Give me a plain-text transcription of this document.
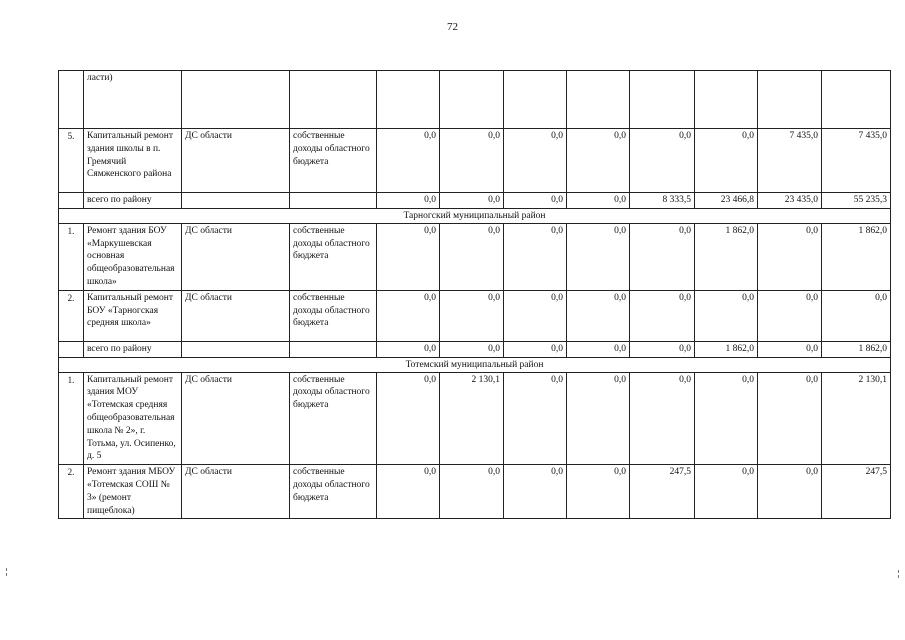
72
	ласти)										
5.	Капитальный ремонт здания школы в п. Гремячий Сямженского района	ДС области	собственные доходы областного бюджета	0,0	0,0	0,0	0,0	0,0	0,0	7 435,0	7 435,0
	всего по району			0,0	0,0	0,0	0,0	8 333,5	23 466,8	23 435,0	55 235,3
Тарногский муниципальный район											
1.	Ремонт здания БОУ «Маркушевская основная общеобразовательная школа»	ДС области	собственные доходы областного бюджета	0,0	0,0	0,0	0,0	0,0	1 862,0	0,0	1 862,0
2.	Капитальный ремонт БОУ «Тарногская средняя школа»	ДС области	собственные доходы областного бюджета	0,0	0,0	0,0	0,0	0,0	0,0	0,0	0,0
	всего по району			0,0	0,0	0,0	0,0	0,0	1 862,0	0,0	1 862,0
Тотемский муниципальный район											
1.	Капитальный ремонт здания МОУ «Тотемская средняя общеобразовательная школа № 2», г. Тотьма, ул. Осипенко, д. 5	ДС области	собственные доходы областного бюджета	0,0	2 130,1	0,0	0,0	0,0	0,0	0,0	2 130,1
2.	Ремонт здания МБОУ «Тотемская СОШ № 3» (ремонт пищеблока)	ДС области	собственные доходы областного бюджета	0,0	0,0	0,0	0,0	247,5	0,0	0,0	247,5
